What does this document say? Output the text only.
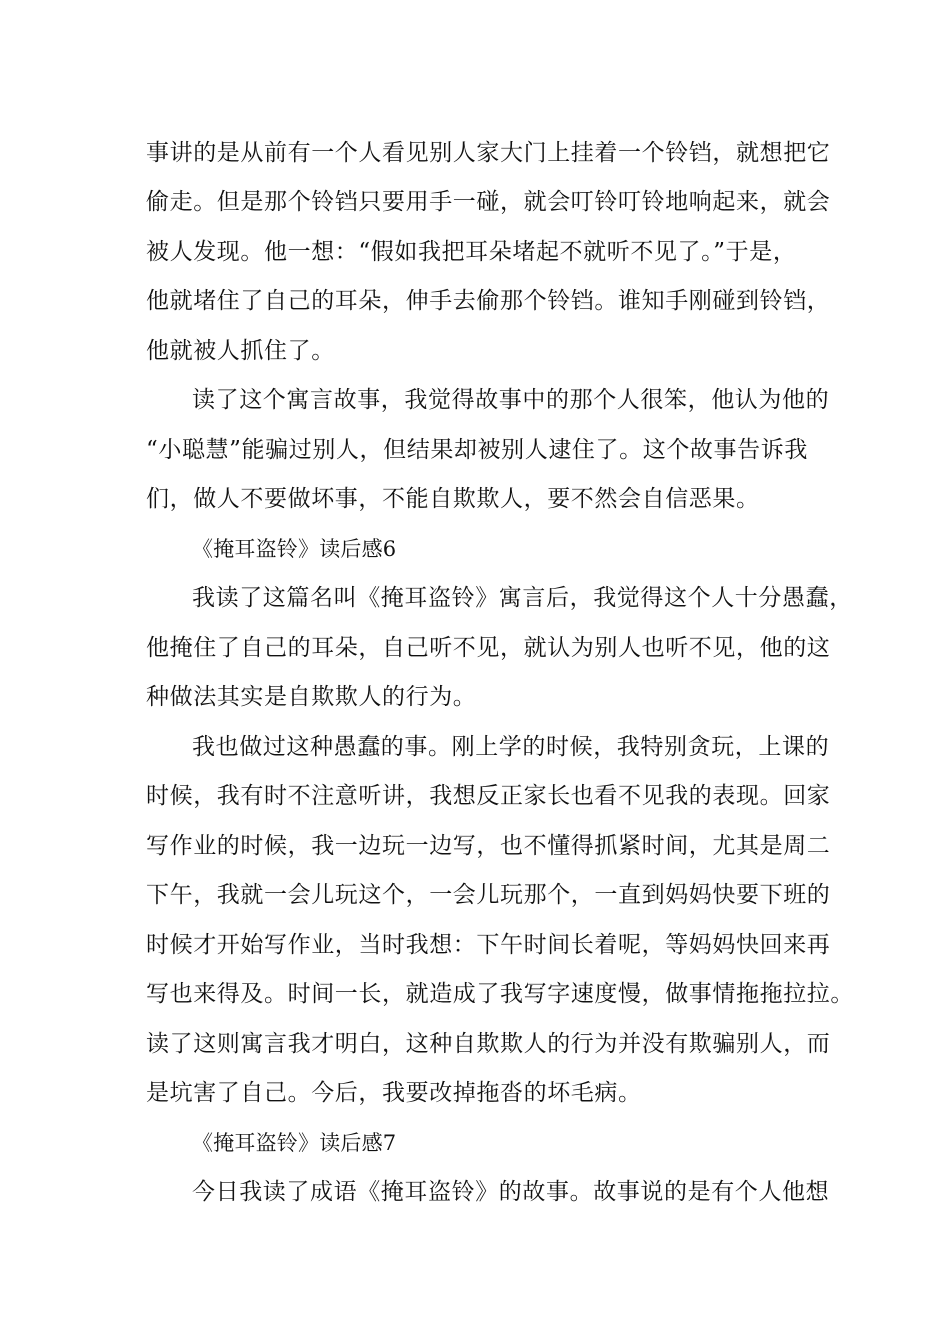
事讲的是从前有一个人看见别人家大门上挂着一个铃铛，就想把它
偷走。但是那个铃铛只要用手一碰，就会叮铃叮铃地响起来，就会
被人发现。他一想：“假如我把耳朵堵起不就听不见了。”于是，
他就堵住了自己的耳朵，伸手去偷那个铃铛。谁知手刚碰到铃铛，
他就被人抓住了。
读了这个寓言故事，我觉得故事中的那个人很笨，他认为他的
“小聪慧”能骗过别人，但结果却被别人逮住了。这个故事告诉我
们，做人不要做坏事，不能自欺欺人，要不然会自信恶果。
《掩耳盗铃》读后感6
我读了这篇名叫《掩耳盗铃》寓言后，我觉得这个人十分愚蠢，
他掩住了自己的耳朵，自己听不见，就认为别人也听不见，他的这
种做法其实是自欺欺人的行为。
我也做过这种愚蠢的事。刚上学的时候，我特别贪玩，上课的
时候，我有时不注意听讲，我想反正家长也看不见我的表现。回家
写作业的时候，我一边玩一边写，也不懂得抓紧时间，尤其是周二
下午，我就一会儿玩这个，一会儿玩那个，一直到妈妈快要下班的
时候才开始写作业，当时我想：下午时间长着呢，等妈妈快回来再
写也来得及。时间一长，就造成了我写字速度慢，做事情拖拖拉拉。
读了这则寓言我才明白，这种自欺欺人的行为并没有欺骗别人，而
是坑害了自己。今后，我要改掉拖沓的坏毛病。
《掩耳盗铃》读后感7
今日我读了成语《掩耳盗铃》的故事。故事说的是有个人他想
